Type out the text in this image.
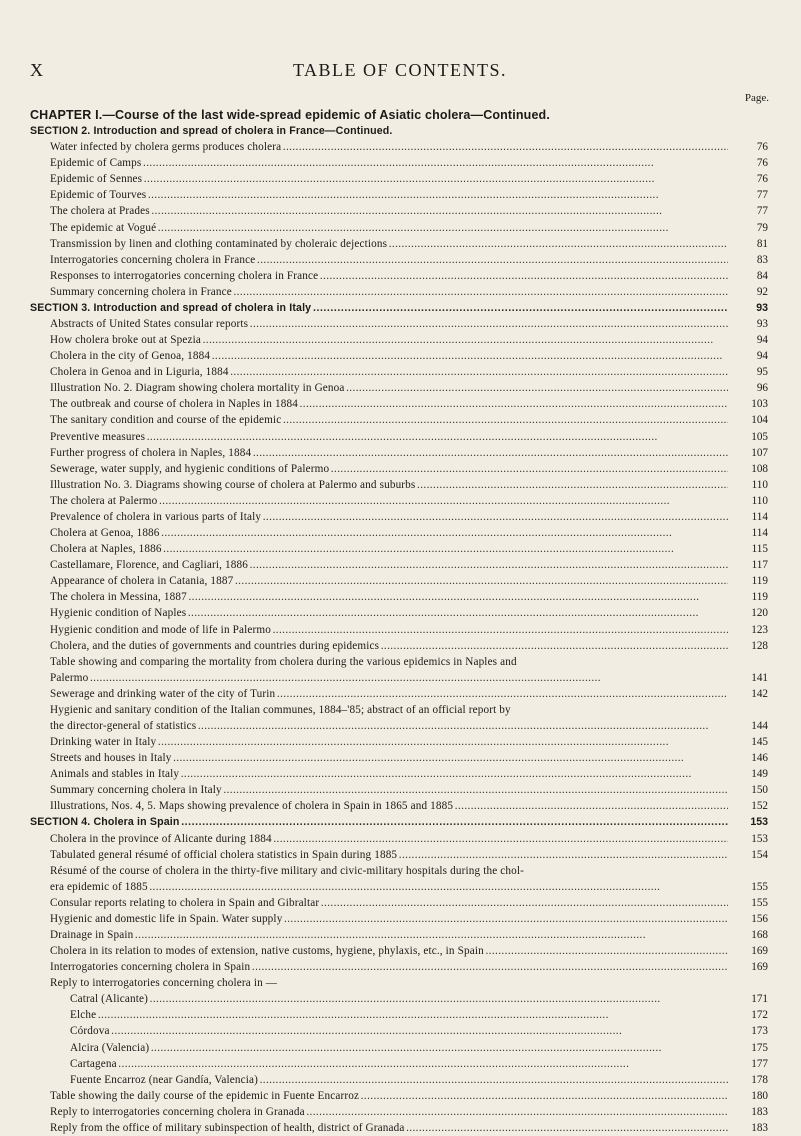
X	TABLE OF CONTENTS.
Page.
CHAPTER I.—Course of the last wide-spread epidemic of Asiatic cholera—Continued.
SECTION 2. Introduction and spread of cholera in France—Continued.
Water infected by cholera germs produces cholera . . .	76
Epidemic of Camps . . .	76
Epidemic of Sennes . . .	76
Epidemic of Tourves . . .	77
The cholera at Prades . . .	77
The epidemic at Vogué . . .	79
Transmission by linen and clothing contaminated by choleraic dejections . . .	81
Interrogatories concerning cholera in France . . .	83
Responses to interrogatories concerning cholera in France . . .	84
Summary concerning cholera in France . . .	92
SECTION 3. Introduction and spread of cholera in Italy . . .	93
Abstracts of United States consular reports . . .	93
How cholera broke out at Spezia . . .	94
Cholera in the city of Genoa, 1884 . . .	94
Cholera in Genoa and in Liguria, 1884 . . .	95
Illustration No. 2. Diagram showing cholera mortality in Genoa . . .	96
The outbreak and course of cholera in Naples in 1884 . . .	103
The sanitary condition and course of the epidemic . . .	104
Preventive measures . . .	105
Further progress of cholera in Naples, 1884 . . .	107
Sewerage, water supply, and hygienic conditions of Palermo . . .	108
Illustration No. 3. Diagrams showing course of cholera at Palermo and suburbs . . .	110
The cholera at Palermo . . .	110
Prevalence of cholera in various parts of Italy . . .	114
Cholera at Genoa, 1886 . . .	114
Cholera at Naples, 1886 . . .	115
Castellamare, Florence, and Cagliari, 1886 . . .	117
Appearance of cholera in Catania, 1887 . . .	119
The cholera in Messina, 1887 . . .	119
Hygienic condition of Naples . . .	120
Hygienic condition and mode of life in Palermo . . .	123
Cholera, and the duties of governments and countries during epidemics . . .	128
Table showing and comparing the mortality from cholera during the various epidemics in Naples and
Palermo . . .	141
Sewerage and drinking water of the city of Turin . . .	142
Hygienic and sanitary condition of the Italian communes, 1884–'85; abstract of an official report by
the director-general of statistics . . .	144
Drinking water in Italy . . .	145
Streets and houses in Italy . . .	146
Animals and stables in Italy . . .	149
Summary concerning cholera in Italy . . .	150
Illustrations, Nos. 4, 5. Maps showing prevalence of cholera in Spain in 1865 and 1885 . . .	152
SECTION 4. Cholera in Spain . . .	153
Cholera in the province of Alicante during 1884 . . .	153
Tabulated general résumé of official cholera statistics in Spain during 1885 . . .	154
Résumé of the course of cholera in the thirty-five military and civic-military hospitals during the chol-
era epidemic of 1885 . . .	155
Consular reports relating to cholera in Spain and Gibraltar . . .	155
Hygienic and domestic life in Spain. Water supply . . .	156
Drainage in Spain . . .	168
Cholera in its relation to modes of extension, native customs, hygiene, phylaxis, etc., in Spain . . .	169
Interrogatories concerning cholera in Spain . . .	169
Reply to interrogatories concerning cholera in —
Catral (Alicante) . . .	171
Elche . . .	172
Córdova . . .	173
Alcira (Valencia) . . .	175
Cartagena . . .	177
Fuente Encarroz (near Gandía, Valencia) . . .	178
Table showing the daily course of the epidemic in Fuente Encarroz . . .	180
Reply to interrogatories concerning cholera in Granada . . .	183
Reply from the office of military subinspection of health, district of Granada . . .	183
